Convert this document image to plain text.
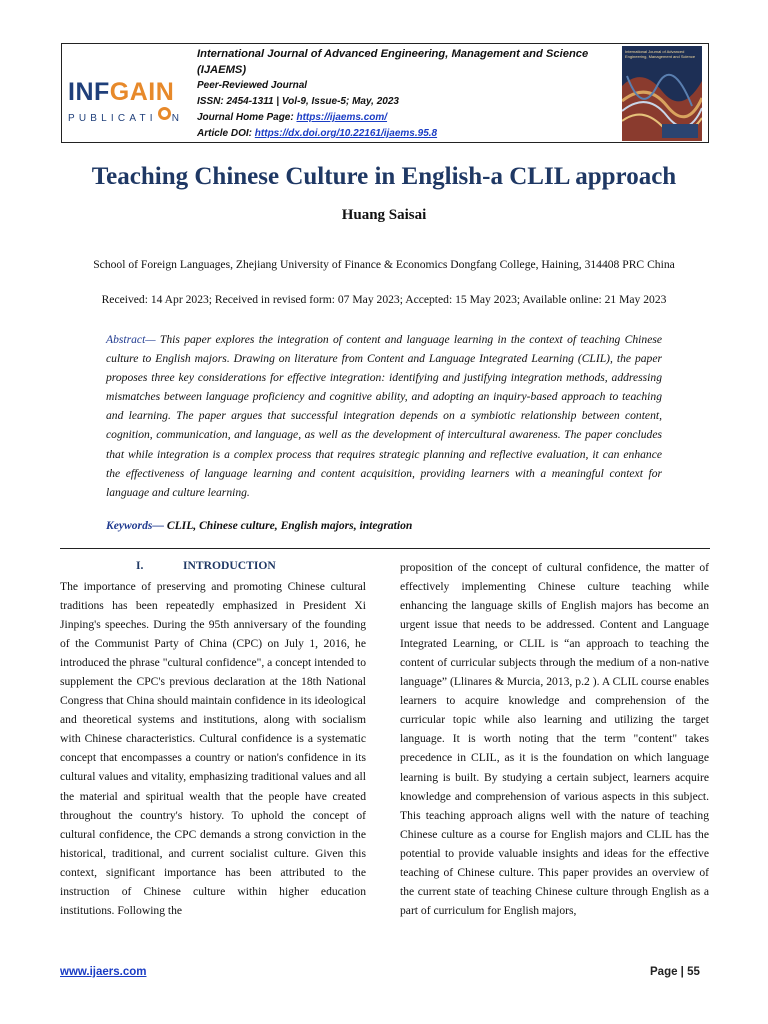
INFGAIN
PUBLICATI N
International Journal of Advanced Engineering, Management and Science
(IJAEMS)
Peer-Reviewed Journal
ISSN: 2454-1311 | Vol-9, Issue-5; May, 2023
Journal Home Page: https://ijaems.com/
Article DOI: https://dx.doi.org/10.22161/ijaems.95.8
International Journal of Advanced Engineering, Management and Science
Teaching Chinese Culture in English-a CLIL approach
Huang Saisai
School of Foreign Languages, Zhejiang University of Finance & Economics Dongfang College, Haining, 314408 PRC China
Received: 14 Apr 2023; Received in revised form: 07 May 2023; Accepted: 15 May 2023; Available online: 21 May 2023
Abstract— This paper explores the integration of content and language learning in the context of teaching Chinese culture to English majors. Drawing on literature from Content and Language Integrated Learning (CLIL), the paper proposes three key considerations for effective integration: identifying and justifying integration methods, addressing mismatches between language proficiency and cognitive ability, and adopting an inquiry-based approach to teaching and learning. The paper argues that successful integration depends on a symbiotic relationship between content, cognition, communication, and language, as well as the development of intercultural awareness. The paper concludes that while integration is a complex process that requires strategic planning and reflective evaluation, it can enhance the effectiveness of language learning and content acquisition, providing learners with a meaningful context for language and culture learning.
Keywords— CLIL, Chinese culture, English majors, integration
I.	INTRODUCTION
The importance of preserving and promoting Chinese cultural traditions has been repeatedly emphasized in President Xi Jinping's speeches. During the 95th anniversary of the founding of the Communist Party of China (CPC) on July 1, 2016, he introduced the phrase "cultural confidence", a concept intended to supplement the CPC's previous declaration at the 18th National Congress that China should maintain confidence in its ideological and theoretical systems and institutions, along with socialism with Chinese characteristics. Cultural confidence is a systematic concept that encompasses a country or nation's confidence in its cultural values and vitality, emphasizing traditional values and all the material and spiritual wealth that the people have created throughout the country's history. To uphold the concept of cultural confidence, the CPC demands a strong conviction in the historical, traditional, and current socialist culture. Given this context, significant importance has been attributed to the instruction of Chinese culture within higher education institutions. Following the
proposition of the concept of cultural confidence, the matter of effectively implementing Chinese culture teaching while enhancing the language skills of English majors has become an urgent issue that needs to be addressed. Content and Language Integrated Learning, or CLIL is “an approach to teaching the content of curricular subjects through the medium of a non-native language” (Llinares & Murcia, 2013, p.2 ). A CLIL course enables learners to acquire knowledge and comprehension of the curricular topic while also learning and utilizing the target language. It is worth noting that the term "content" takes precedence in CLIL, as it is the foundation on which language learning is built. By studying a certain subject, learners acquire knowledge and comprehension of various aspects in this subject. This teaching approach aligns well with the nature of teaching Chinese culture as a course for English majors and CLIL has the potential to provide valuable insights and ideas for the effective teaching of Chinese culture. This paper provides an overview of the current state of teaching Chinese culture through English as a part of curriculum for English majors,
www.ijaers.com	Page | 55
